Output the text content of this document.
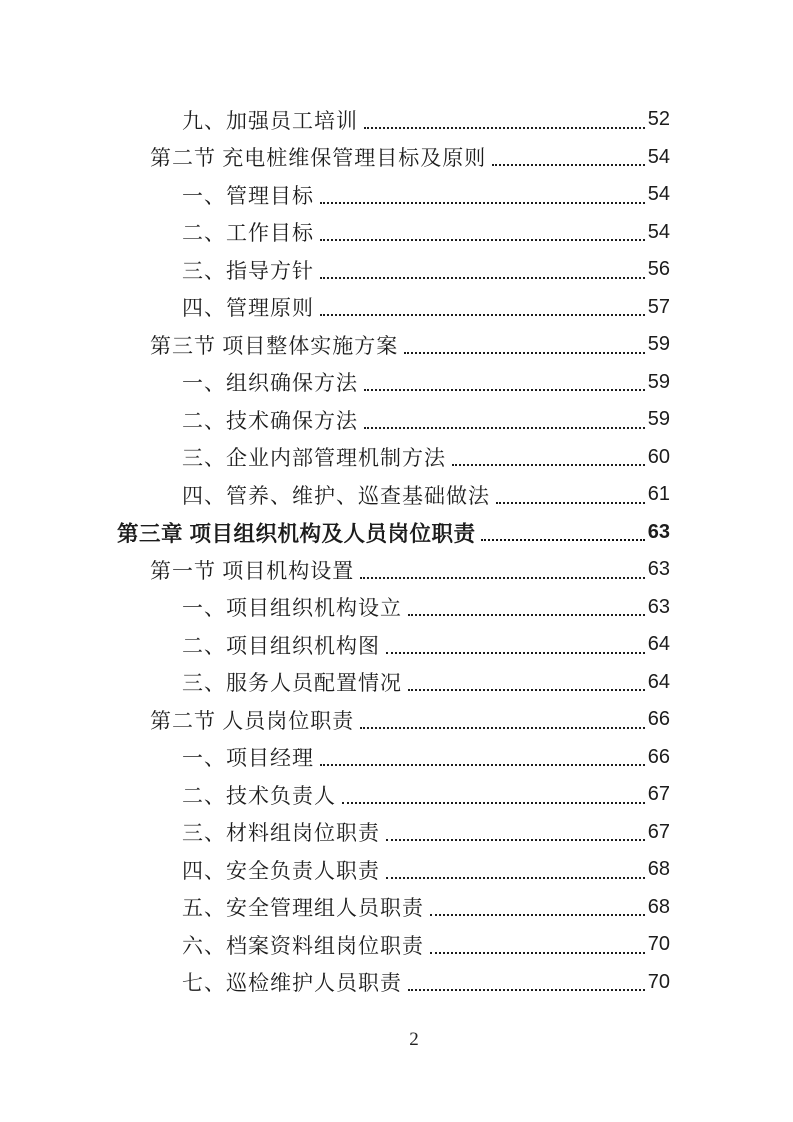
九、加强员工培训	52
第二节 充电桩维保管理目标及原则	54
一、管理目标	54
二、工作目标	54
三、指导方针	56
四、管理原则	57
第三节 项目整体实施方案	59
一、组织确保方法	59
二、技术确保方法	59
三、企业内部管理机制方法	60
四、管养、维护、巡查基础做法	61
第三章 项目组织机构及人员岗位职责	63
第一节 项目机构设置	63
一、项目组织机构设立	63
二、项目组织机构图	64
三、服务人员配置情况	64
第二节 人员岗位职责	66
一、项目经理	66
二、技术负责人	67
三、材料组岗位职责	67
四、安全负责人职责	68
五、安全管理组人员职责	68
六、档案资料组岗位职责	70
七、巡检维护人员职责	70
2
